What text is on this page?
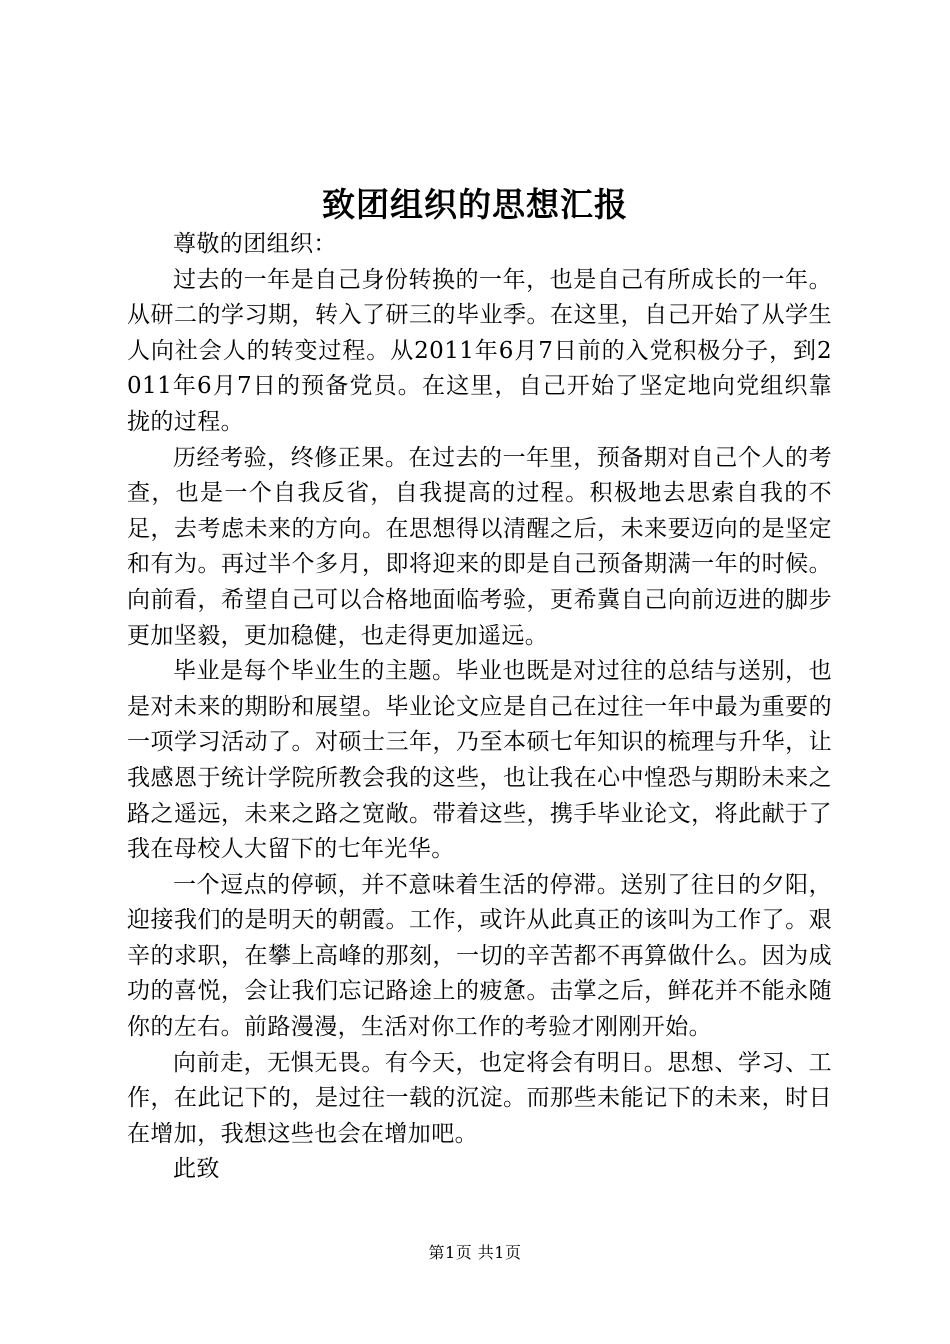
致团组织的思想汇报

尊敬的团组织：

过去的一年是自己身份转换的一年，也是自己有所成长的一年。从研二的学习期，转入了研三的毕业季。在这里，自己开始了从学生人向社会人的转变过程。从2011年6月7日前的入党积极分子，到2011年6月7日的预备党员。在这里，自己开始了坚定地向党组织靠拢的过程。

历经考验，终修正果。在过去的一年里，预备期对自己个人的考查，也是一个自我反省，自我提高的过程。积极地去思索自我的不足，去考虑未来的方向。在思想得以清醒之后，未来要迈向的是坚定和有为。再过半个多月，即将迎来的即是自己预备期满一年的时候。向前看，希望自己可以合格地面临考验，更希冀自己向前迈进的脚步更加坚毅，更加稳健，也走得更加遥远。

毕业是每个毕业生的主题。毕业也既是对过往的总结与送别，也是对未来的期盼和展望。毕业论文应是自己在过往一年中最为重要的一项学习活动了。对硕士三年，乃至本硕七年知识的梳理与升华，让我感恩于统计学院所教会我的这些，也让我在心中惶恐与期盼未来之路之遥远，未来之路之宽敞。带着这些，携手毕业论文，将此献于了我在母校人大留下的七年光华。

一个逗点的停顿，并不意味着生活的停滞。送别了往日的夕阳，迎接我们的是明天的朝霞。工作，或许从此真正的该叫为工作了。艰辛的求职，在攀上高峰的那刻，一切的辛苦都不再算做什么。因为成功的喜悦，会让我们忘记路途上的疲惫。击掌之后，鲜花并不能永随你的左右。前路漫漫，生活对你工作的考验才刚刚开始。

向前走，无惧无畏。有今天，也定将会有明日。思想、学习、工作，在此记下的，是过往一载的沉淀。而那些未能记下的未来，时日在增加，我想这些也会在增加吧。

此致

第1页 共1页
